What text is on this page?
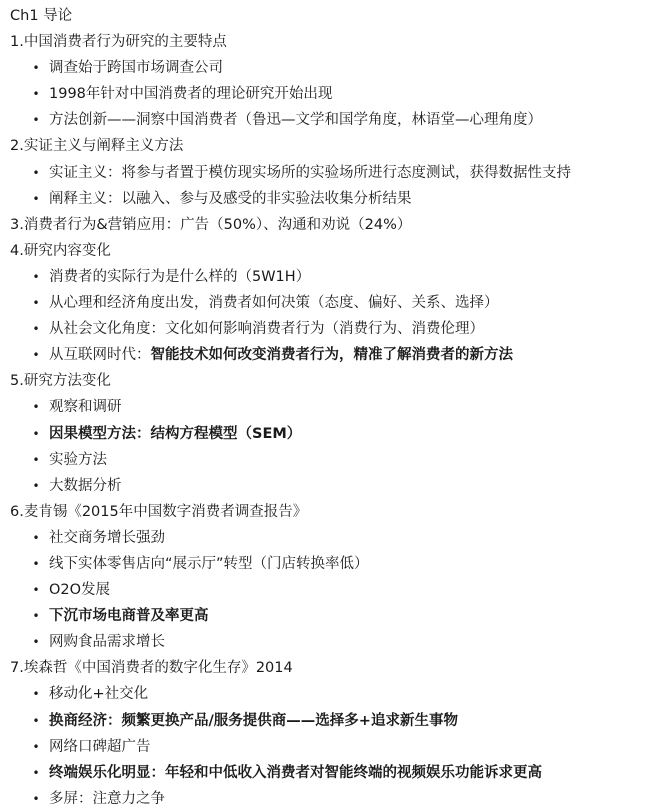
Ch1 导论
1.中国消费者行为研究的主要特点
• 调查始于跨国市场调查公司
• 1998年针对中国消费者的理论研究开始出现
• 方法创新——洞察中国消费者（鲁迅—文学和国学角度，林语堂—心理角度）
2.实证主义与阐释主义方法
• 实证主义：将参与者置于模仿现实场所的实验场所进行态度测试，获得数据性支持
• 阐释主义：以融入、参与及感受的非实验法收集分析结果
3.消费者行为&营销应用：广告（50%）、沟通和劝说（24%）
4.研究内容变化
• 消费者的实际行为是什么样的（5W1H）
• 从心理和经济角度出发，消费者如何决策（态度、偏好、关系、选择）
• 从社会文化角度：文化如何影响消费者行为（消费行为、消费伦理）
• 从互联网时代：智能技术如何改变消费者行为，精准了解消费者的新方法
5.研究方法变化
• 观察和调研
• 因果模型方法：结构方程模型（SEM）
• 实验方法
• 大数据分析
6.麦肯锡《2015年中国数字消费者调查报告》
• 社交商务增长强劲
• 线下实体零售店向“展示厅”转型（门店转换率低）
• O2O发展
• 下沉市场电商普及率更高
• 网购食品需求增长
7.埃森哲《中国消费者的数字化生存》2014
• 移动化+社交化
• 换商经济：频繁更换产品/服务提供商——选择多+追求新生事物
• 网络口碑超广告
• 终端娱乐化明显：年轻和中低收入消费者对智能终端的视频娱乐功能诉求更高
• 多屏：注意力之争
